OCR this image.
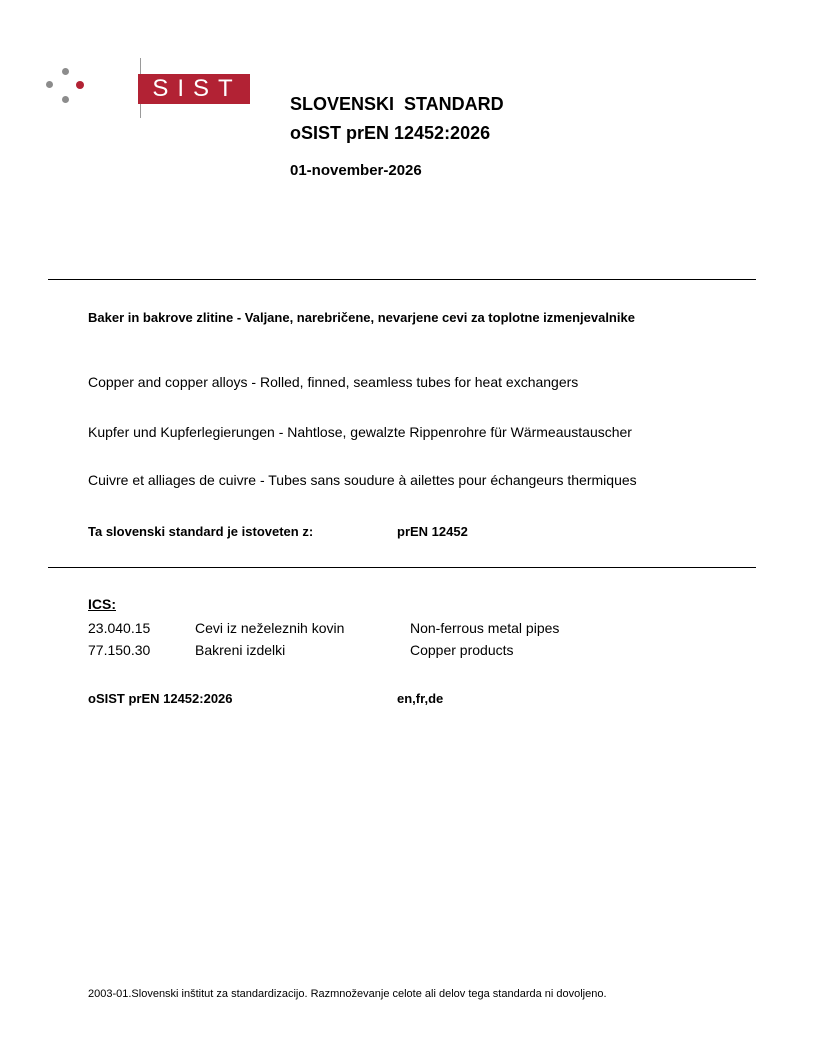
SIST
SLOVENSKI  STANDARD
oSIST prEN 12452:2026
01-november-2026
Baker in bakrove zlitine - Valjane, narebričene, nevarjene cevi za toplotne izmenjevalnike
Copper and copper alloys - Rolled, finned, seamless tubes for heat exchangers
Kupfer und Kupferlegierungen - Nahtlose, gewalzte Rippenrohre für Wärmeaustauscher
Cuivre et alliages de cuivre - Tubes sans soudure à ailettes pour échangeurs thermiques
Ta slovenski standard je istoveten z:	prEN 12452
ICS:
23.040.15	Cevi iz neželeznih kovin	Non-ferrous metal pipes
77.150.30	Bakreni izdelki	Copper products
oSIST prEN 12452:2026	en,fr,de
2003-01.Slovenski inštitut za standardizacijo. Razmnoževanje celote ali delov tega standarda ni dovoljeno.
